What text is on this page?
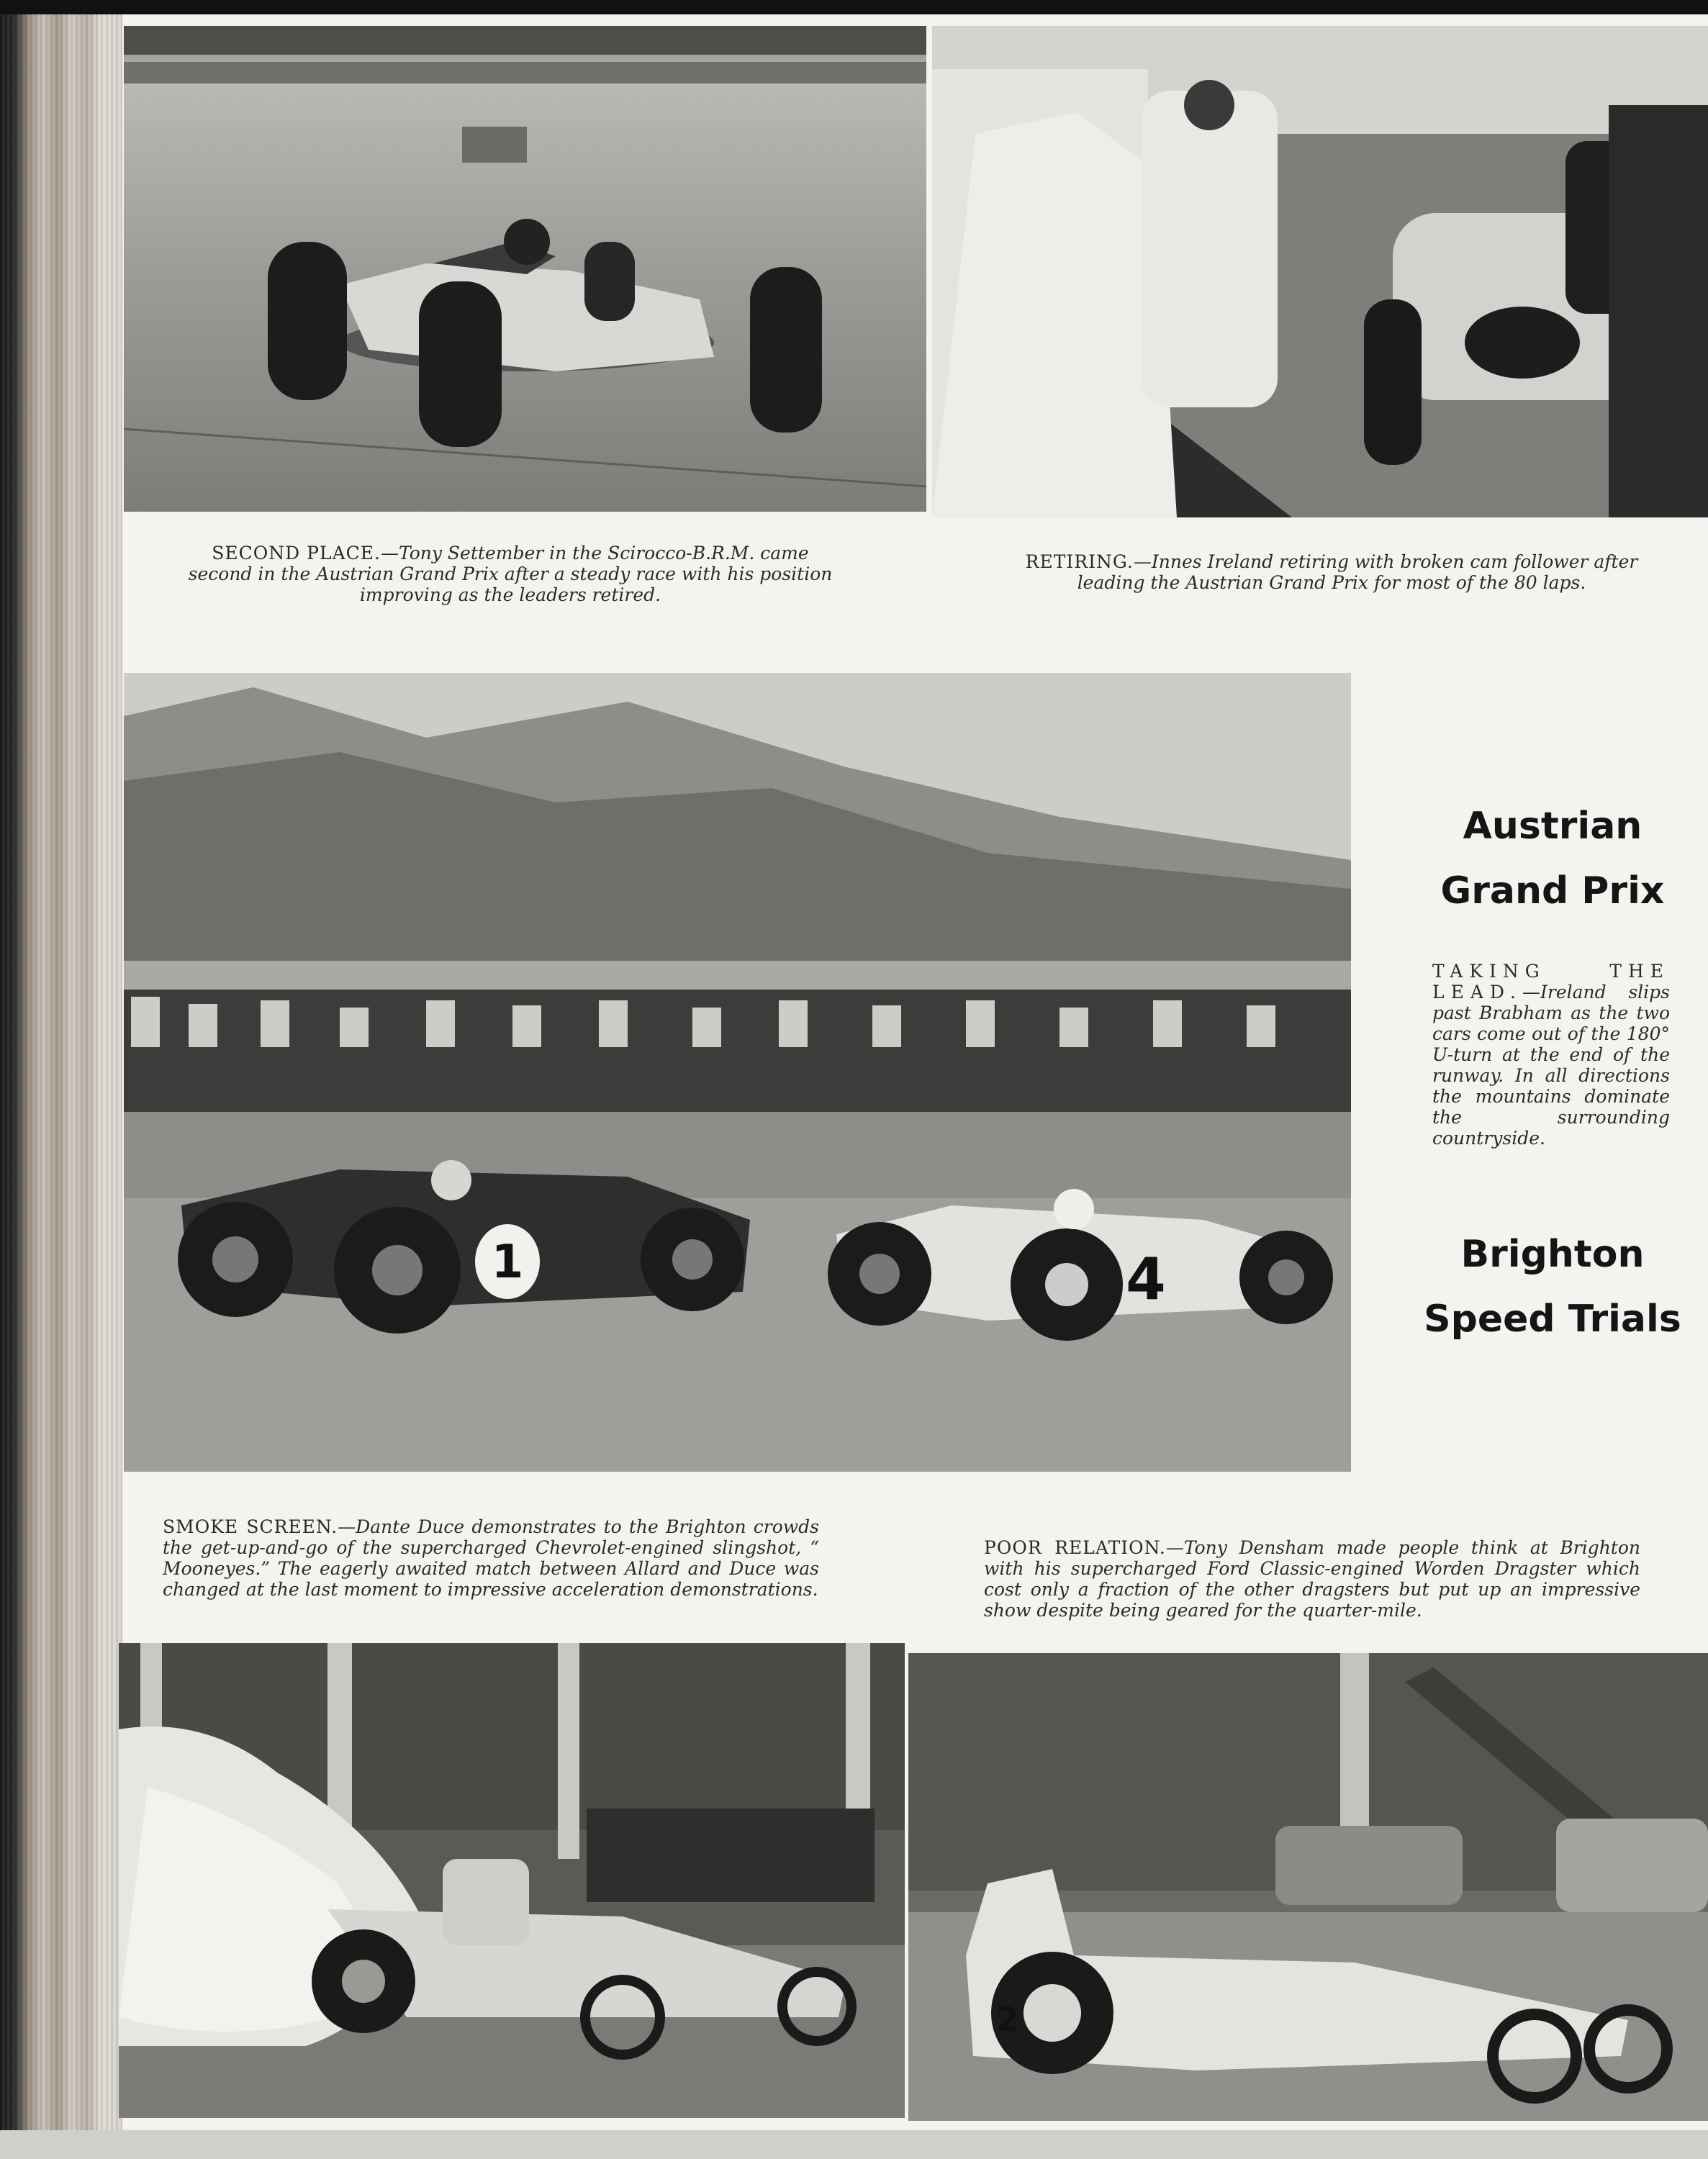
SECOND PLACE.—Tony Settember in the Scirocco-B.R.M. came second in the Austrian Grand Prix after a steady race with his position improving as the leaders retired.
RETIRING.—Innes Ireland retiring with broken cam follower after leading the Austrian Grand Prix for most of the 80 laps.
1	4
Austrian
Grand Prix
TAKING THE LEAD.—Ireland slips past Brabham as the two cars come out of the 180° U-turn at the end of the runway. In all directions the mountains dominate the surrounding countryside.
Brighton
Speed Trials
SMOKE SCREEN.—Dante Duce demonstrates to the Brighton crowds the get-up-and-go of the supercharged Chevrolet-engined slingshot, “ Mooneyes.” The eagerly awaited match between Allard and Duce was changed at the last moment to impressive acceleration demonstrations.
POOR RELATION.—Tony Densham made people think at Brighton with his supercharged Ford Classic-engined Worden Dragster which cost only a fraction of the other dragsters but put up an impressive show despite being geared for the quarter-mile.
2
